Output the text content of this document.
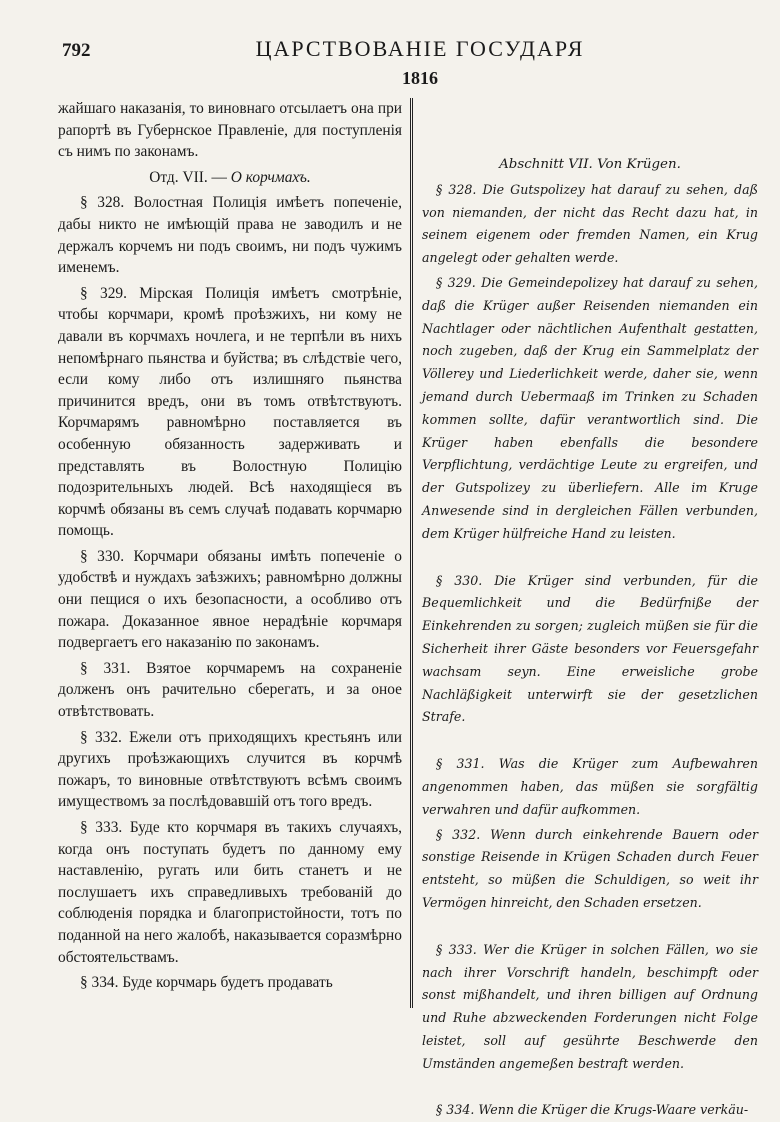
792	ЦАРСТВОВАНІЕ ГОСУДАРЯ
1816

жайшаго наказанія, то виновнаго отсылаетъ она при рапортѣ въ Губернское Правленіе, для поступленія съ нимъ по законамъ.

Отд. VII. — О корчмахъ.

§ 328. Волостная Полиція имѣетъ попеченіе, дабы никто не имѣющій права не заводилъ и не держалъ корчемъ ни подъ своимъ, ни подъ чужимъ именемъ.

§ 329. Мірская Полиція имѣетъ смотрѣніе, чтобы корчмари, кромѣ проѣзжихъ, ни кому не давали въ корчмахъ ночлега, и не терпѣли въ нихъ непомѣрнаго пьянства и буйства; въ слѣдствіе чего, если кому либо отъ излишняго пьянства причинится вредъ, они въ томъ отвѣтствуютъ. Корчмарямъ равномѣрно поставляется въ особенную обязанность задерживать и представлять въ Волостную Полицію подозрительныхъ людей. Всѣ находящіеся въ корчмѣ обязаны въ семъ случаѣ подавать корчмарю помощь.

§ 330. Корчмари обязаны имѣть попеченіе о удобствѣ и нуждахъ заѣзжихъ; равномѣрно должны они пещися о ихъ безопасности, а особливо отъ пожара. Доказанное явное нерадѣніе корчмаря подвергаетъ его наказанію по законамъ.

§ 331. Взятое корчмаремъ на сохраненіе долженъ онъ рачительно сберегать, и за оное отвѣтствовать.

§ 332. Ежели отъ приходящихъ крестьянъ или другихъ проѣзжающихъ случится въ корчмѣ пожаръ, то виновные отвѣтствуютъ всѣмъ своимъ имуществомъ за послѣдовавшій отъ того вредъ.

§ 333. Буде кто корчмаря въ такихъ случаяхъ, когда онъ поступать будетъ по данному ему наставленію, ругать или бить станетъ и не послушаетъ ихъ справедливыхъ требованій до соблюденія порядка и благопристойности, тотъ по поданной на него жалобѣ, наказывается соразмѣрно обстоятельствамъ.

§ 334. Буде корчмарь будетъ продавать

Abschnitt VII. Von Krügen.

§ 328. Die Gutspolizey hat darauf zu sehen, daß von niemanden, der nicht das Recht dazu hat, in seinem eigenem oder fremden Namen, ein Krug angelegt oder gehalten werde.

§ 329. Die Gemeindepolizey hat darauf zu sehen, daß die Krüger außer Reisenden niemanden ein Nachtlager oder nächtlichen Aufenthalt gestatten, noch zugeben, daß der Krug ein Sammelplatz der Völlerey und Liederlichkeit werde, daher sie, wenn jemand durch Uebermaaß im Trinken zu Schaden kommen sollte, dafür verantwortlich sind. Die Krüger haben ebenfalls die besondere Verpflichtung, verdächtige Leute zu ergreifen, und der Gutspolizey zu überliefern. Alle im Kruge Anwesende sind in dergleichen Fällen verbunden, dem Krüger hülfreiche Hand zu leisten.

§ 330. Die Krüger sind verbunden, für die Bequemlichkeit und die Bedürfniße der Einkehrenden zu sorgen; zugleich müßen sie für die Sicherheit ihrer Gäste besonders vor Feuersgefahr wachsam seyn. Eine erweisliche grobe Nachläßigkeit unterwirft sie der gesetzlichen Strafe.

§ 331. Was die Krüger zum Aufbewahren angenommen haben, das müßen sie sorgfältig verwahren und dafür aufkommen.

§ 332. Wenn durch einkehrende Bauern oder sonstige Reisende in Krügen Schaden durch Feuer entsteht, so müßen die Schuldigen, so weit ihr Vermögen hinreicht, den Schaden ersetzen.

§ 333. Wer die Krüger in solchen Fällen, wo sie nach ihrer Vorschrift handeln, beschimpft oder sonst mißhandelt, und ihren billigen auf Ordnung und Ruhe abzweckenden Forderungen nicht Folge leistet, soll auf gesührte Beschwerde den Umständen angemeßen bestraft werden.

§ 334. Wenn die Krüger die Krugs-Waare verkäu-
